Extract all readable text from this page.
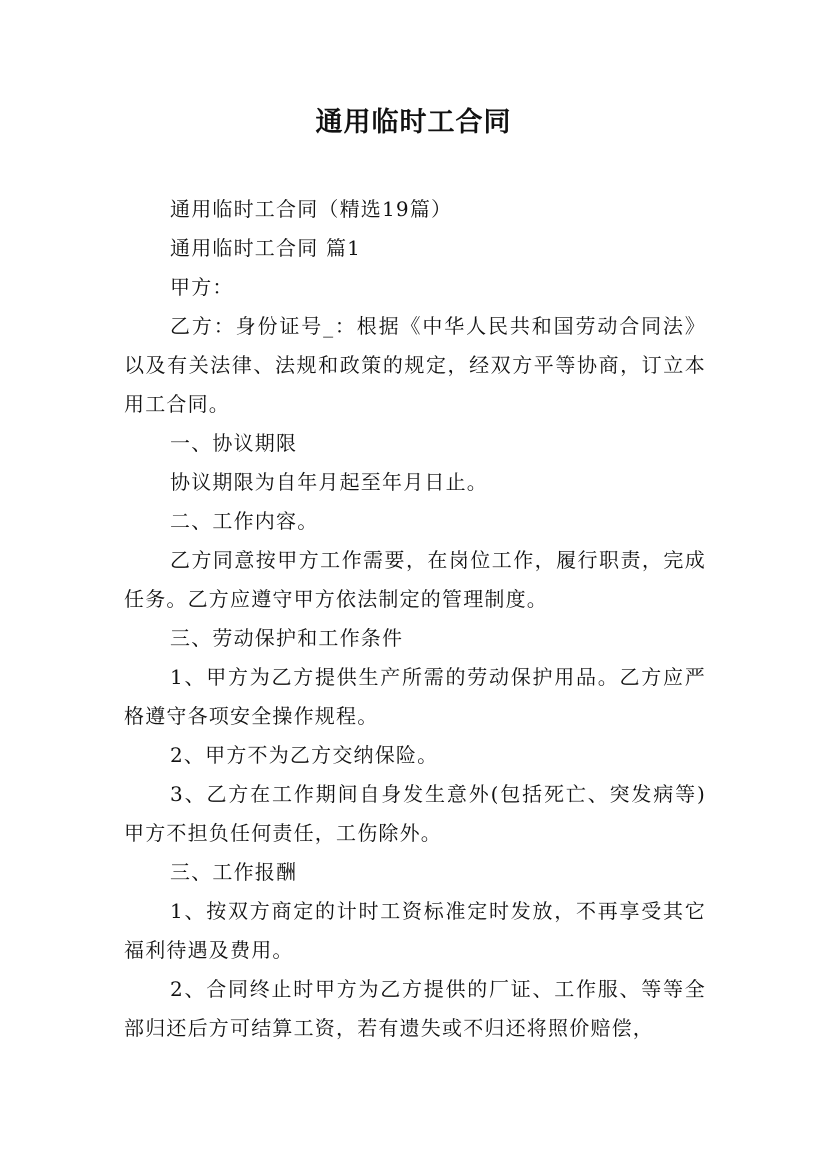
通用临时工合同

通用临时工合同（精选19篇）

通用临时工合同 篇1

甲方：

乙方：身份证号_：根据《中华人民共和国劳动合同法》以及有关法律、法规和政策的规定，经双方平等协商，订立本用工合同。

一、协议期限

协议期限为自年月起至年月日止。

二、工作内容。

乙方同意按甲方工作需要，在岗位工作，履行职责，完成任务。乙方应遵守甲方依法制定的管理制度。

三、劳动保护和工作条件

1、甲方为乙方提供生产所需的劳动保护用品。乙方应严格遵守各项安全操作规程。

2、甲方不为乙方交纳保险。

3、乙方在工作期间自身发生意外(包括死亡、突发病等)甲方不担负任何责任，工伤除外。

三、工作报酬

1、按双方商定的计时工资标准定时发放，不再享受其它福利待遇及费用。

2、合同终止时甲方为乙方提供的厂证、工作服、等等全部归还后方可结算工资，若有遗失或不归还将照价赔偿，
